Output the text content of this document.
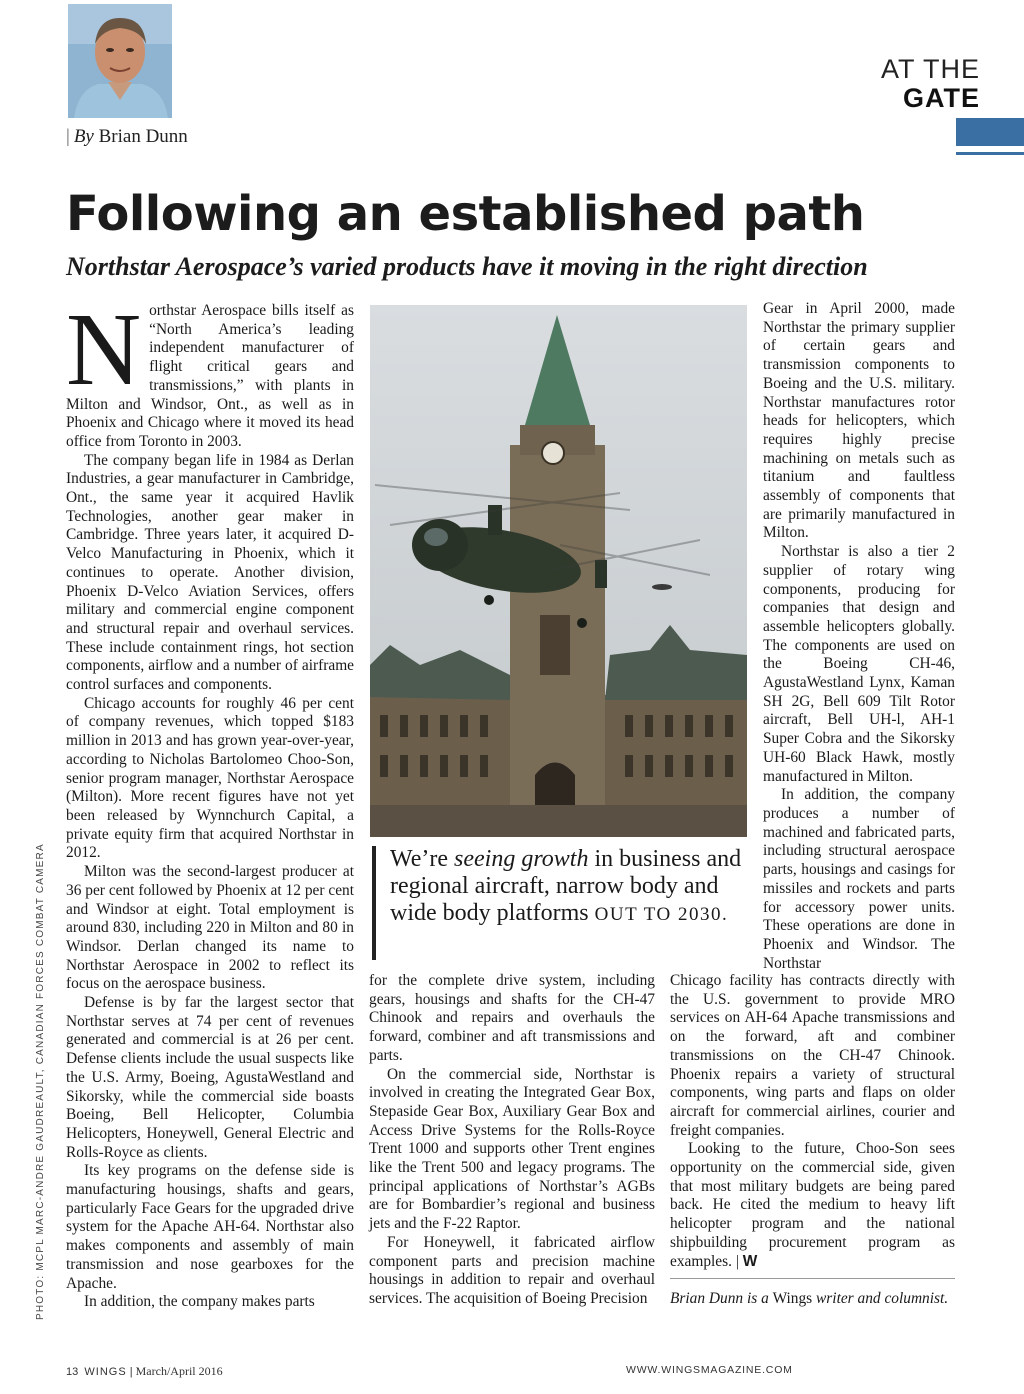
| By Brian Dunn
AT THE
GATE
Following an established path
Northstar Aerospace’s varied products have it moving in the right direction
N orthstar Aerospace bills itself as “North America’s leading independent manufacturer of flight critical gears and transmissions,” with plants in Milton and Windsor, Ont., as well as in Phoenix and Chicago where it moved its head office from Toronto in 2003.

The company began life in 1984 as Derlan Industries, a gear manufacturer in Cambridge, Ont., the same year it acquired Havlik Technologies, another gear maker in Cambridge. Three years later, it acquired D-Velco Manufacturing in Phoenix, which it continues to operate. Another division, Phoenix D-Velco Aviation Services, offers military and commercial engine component and structural repair and overhaul services. These include containment rings, hot section components, airflow and a number of airframe control surfaces and components.

Chicago accounts for roughly 46 per cent of company revenues, which topped $183 million in 2013 and has grown year-over-year, according to Nicholas Bartolomeo Choo-Son, senior program manager, Northstar Aerospace (Milton). More recent figures have not yet been released by Wynnchurch Capital, a private equity firm that acquired Northstar in 2012.

Milton was the second-largest producer at 36 per cent followed by Phoenix at 12 per cent and Windsor at eight. Total employment is around 830, including 220 in Milton and 80 in Windsor. Derlan changed its name to Northstar Aerospace in 2002 to reflect its focus on the aerospace business.

Defense is by far the largest sector that Northstar serves at 74 per cent of revenues generated and commercial is at 26 per cent. Defense clients include the usual suspects like the U.S. Army, Boeing, AgustaWestland and Sikorsky, while the commercial side boasts Boeing, Bell Helicopter, Columbia Helicopters, Honeywell, General Electric and Rolls-Royce as clients.

Its key programs on the defense side is manufacturing housings, shafts and gears, particularly Face Gears for the upgraded drive system for the Apache AH-64. Northstar also makes components and assembly of main transmission and nose gearboxes for the Apache.

In addition, the company makes parts

We’re seeing growth in business and regional aircraft, narrow body and wide body platforms OUT TO 2030.

for the complete drive system, including gears, housings and shafts for the CH-47 Chinook and repairs and overhauls the forward, combiner and aft transmissions and parts.

On the commercial side, Northstar is involved in creating the Integrated Gear Box, Stepaside Gear Box, Auxiliary Gear Box and Access Drive Systems for the Rolls-Royce Trent 1000 and supports other Trent engines like the Trent 500 and legacy programs. The principal applications of Northstar’s AGBs are for Bombardier’s regional and business jets and the F-22 Raptor.

For Honeywell, it fabricated airflow component parts and precision machine housings in addition to repair and overhaul services. The acquisition of Boeing Precision

Gear in April 2000, made Northstar the primary supplier of certain gears and transmission components to Boeing and the U.S. military. Northstar manufactures rotor heads for helicopters, which requires highly precise machining on metals such as titanium and faultless assembly of components that are primarily manufactured in Milton.

Northstar is also a tier 2 supplier of rotary wing components, producing for companies that design and assemble helicopters globally. The components are used on the Boeing CH-46, AgustaWestland Lynx, Kaman SH 2G, Bell 609 Tilt Rotor aircraft, Bell UH-l, AH-1 Super Cobra and the Sikorsky UH-60 Black Hawk, mostly manufactured in Milton.

In addition, the company produces a number of machined and fabricated parts, including structural aerospace parts, housings and casings for missiles and rockets and parts for accessory power units. These operations are done in Phoenix and Windsor. The Northstar

Chicago facility has contracts directly with the U.S. government to provide MRO services on AH-64 Apache transmissions and on the forward, aft and combiner transmissions on the CH-47 Chinook. Phoenix repairs a variety of structural components, wing parts and flaps on older aircraft for commercial airlines, courier and freight companies.

Looking to the future, Choo-Son sees opportunity on the commercial side, given that most military budgets are being pared back. He cited the medium to heavy lift helicopter program and the national shipbuilding procurement program as examples. | W

Brian Dunn is a Wings writer and columnist.
PHOTO: MCPL MARC-ANDRE GAUDREAULT, CANADIAN FORCES COMBAT CAMERA
13 WINGS | March/April 2016	WWW.WINGSMAGAZINE.COM
